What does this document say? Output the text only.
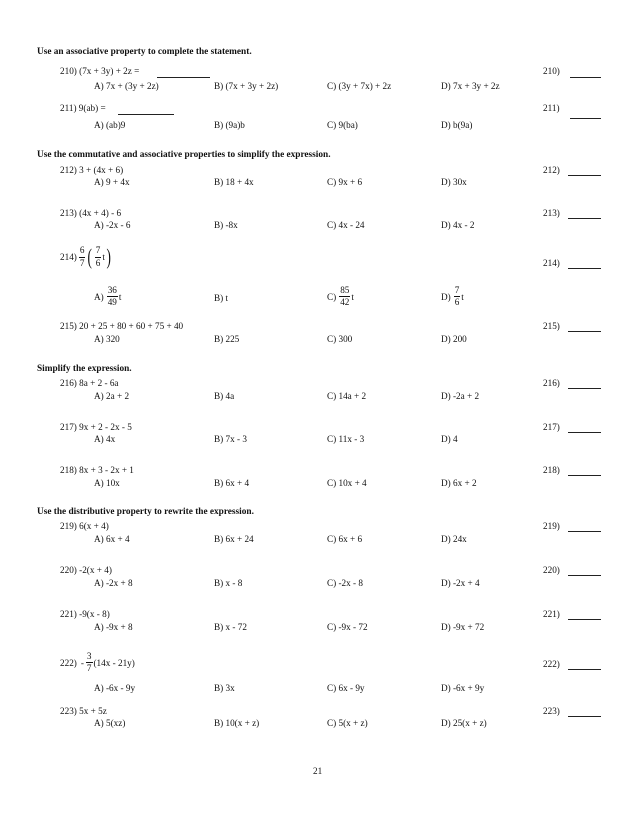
Use an associative property to complete the statement.
210) (7x + 3y) + 2z =	210)
A) 7x + (3y + 2z)	B) (7x + 3y + 2z)	C) (3y + 7x) + 2z	D) 7x + 3y + 2z
211) 9(ab) =	211)
A) (ab)9	B) (9a)b	C) 9(ba)	D) b(9a)
Use the commutative and associative properties to simplify the expression.
212) 3 + (4x + 6)	212)
A) 9 + 4x	B) 18 + 4x	C) 9x + 6	D) 30x
213) (4x + 4) - 6	213)
A) -2x - 6	B) -8x	C) 4x - 24	D) 4x - 2
$214) \frac{6}{7}$ ( $\frac{7}{6}$ t )	214)
$A) \frac{36}{49}$ t	B) t	$C) \frac{85}{42}$ t	$D) \frac{7}{6}$ t
215) 20 + 25 + 80 + 60 + 75 + 40	215)
A) 320	B) 225	C) 300	D) 200
Simplify the expression.
216) 8a + 2 - 6a	216)
A) 2a + 2	B) 4a	C) 14a + 2	D) -2a + 2
217) 9x + 2 - 2x - 5	217)
A) 4x	B) 7x - 3	C) 11x - 3	D) 4
218) 8x + 3 - 2x + 1	218)
A) 10x	B) 6x + 4	C) 10x + 4	D) 6x + 2
Use the distributive property to rewrite the expression.
219) 6(x + 4)	219)
A) 6x + 4	B) 6x + 24	C) 6x + 6	D) 24x
220) -2(x + 4)	220)
A) -2x + 8	B) x - 8	C) -2x - 8	D) -2x + 4
221) -9(x - 8)	221)
A) -9x + 8	B) x - 72	C) -9x - 72	D) -9x + 72
$222) - \frac{3}{7} (14x - 21y)$	222)
A) -6x - 9y	B) 3x	C) 6x - 9y	D) -6x + 9y
223) 5x + 5z	223)
A) 5(xz)	B) 10(x + z)	C) 5(x + z)	D) 25(x + z)
21
